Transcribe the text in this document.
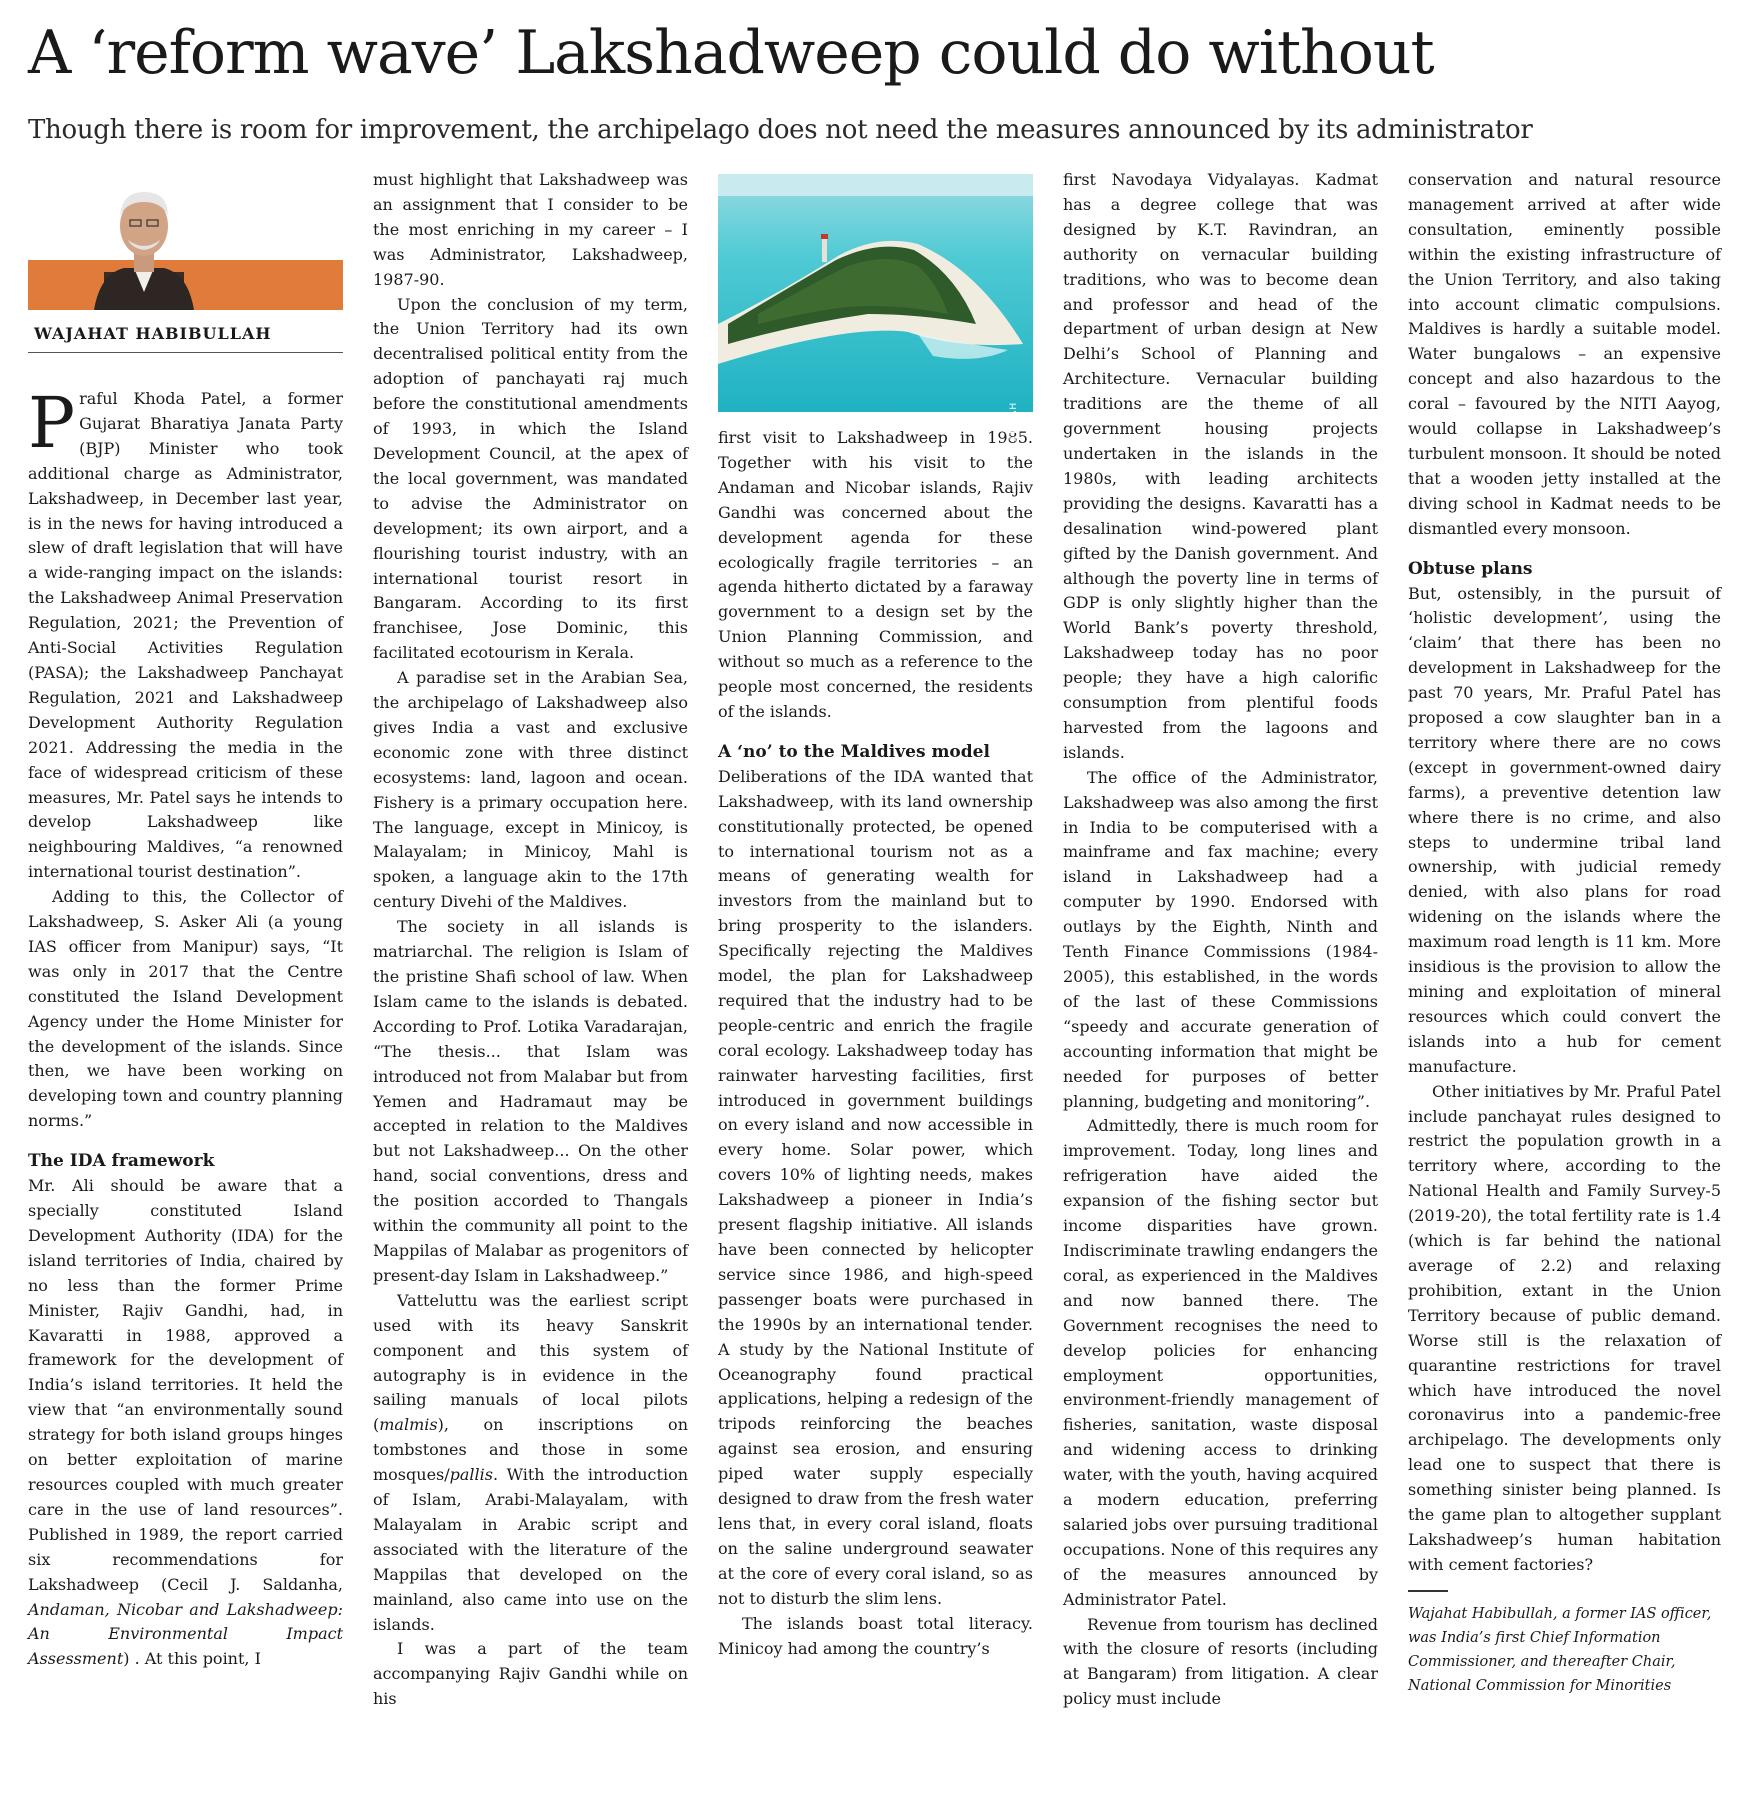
A ‘reform wave’ Lakshadweep could do without
Though there is room for improvement, the archipelago does not need the measures announced by its administrator
WAJAHAT HABIBULLAH

Praful Khoda Patel, a former Gujarat Bharatiya Janata Party (BJP) Minister who took additional charge as Administrator, Lakshadweep, in December last year, is in the news for having introduced a slew of draft legislation that will have a wide-ranging impact on the islands: the Lakshadweep Animal Preservation Regulation, 2021; the Prevention of Anti-Social Activities Regulation (PASA); the Lakshadweep Panchayat Regulation, 2021 and Lakshadweep Development Authority Regulation 2021. Addressing the media in the face of widespread criticism of these measures, Mr. Patel says he intends to develop Lakshadweep like neighbouring Maldives, “a renowned international tourist destination”.

Adding to this, the Collector of Lakshadweep, S. Asker Ali (a young IAS officer from Manipur) says, “It was only in 2017 that the Centre constituted the Island Development Agency under the Home Minister for the development of the islands. Since then, we have been working on developing town and country planning norms.”

The IDA framework

Mr. Ali should be aware that a specially constituted Island Development Authority (IDA) for the island territories of India, chaired by no less than the former Prime Minister, Rajiv Gandhi, had, in Kavaratti in 1988, approved a framework for the development of India’s island territories. It held the view that “an environmentally sound strategy for both island groups hinges on better exploitation of marine resources coupled with much greater care in the use of land resources”. Published in 1989, the report carried six recommendations for Lakshadweep (Cecil J. Saldanha, Andaman, Nicobar and Lakshadweep: An Environmental Impact Assessment) . At this point, I

must highlight that Lakshadweep was an assignment that I consider to be the most enriching in my career – I was Administrator, Lakshadweep, 1987-90.

Upon the conclusion of my term, the Union Territory had its own decentralised political entity from the adoption of panchayati raj much before the constitutional amendments of 1993, in which the Island Development Council, at the apex of the local government, was mandated to advise the Administrator on development; its own airport, and a flourishing tourist industry, with an international tourist resort in Bangaram. According to its first franchisee, Jose Dominic, this facilitated ecotourism in Kerala.

A paradise set in the Arabian Sea, the archipelago of Lakshadweep also gives India a vast and exclusive economic zone with three distinct ecosystems: land, lagoon and ocean. Fishery is a primary occupation here. The language, except in Minicoy, is Malayalam; in Minicoy, Mahl is spoken, a language akin to the 17th century Divehi of the Maldives.

The society in all islands is matriarchal. The religion is Islam of the pristine Shafi school of law. When Islam came to the islands is debated. According to Prof. Lotika Varadarajan, “The thesis... that Islam was introduced not from Malabar but from Yemen and Hadramaut may be accepted in relation to the Maldives but not Lakshadweep... On the other hand, social conventions, dress and the position accorded to Thangals within the community all point to the Mappilas of Malabar as progenitors of present-day Islam in Lakshadweep.”

Vatteluttu was the earliest script used with its heavy Sanskrit component and this system of autography is in evidence in the sailing manuals of local pilots (malmis), on inscriptions on tombstones and those in some mosques/pallis. With the introduction of Islam, Arabi-Malayalam, with Malayalam in Arabic script and associated with the literature of the Mappilas that developed on the mainland, also came into use on the islands.

I was a part of the team accompanying Rajiv Gandhi while on his

K.K. MUSTAFAH

first visit to Lakshadweep in 1985. Together with his visit to the Andaman and Nicobar islands, Rajiv Gandhi was concerned about the development agenda for these ecologically fragile territories – an agenda hitherto dictated by a faraway government to a design set by the Union Planning Commission, and without so much as a reference to the people most concerned, the residents of the islands.

A ‘no’ to the Maldives model

Deliberations of the IDA wanted that Lakshadweep, with its land ownership constitutionally protected, be opened to international tourism not as a means of generating wealth for investors from the mainland but to bring prosperity to the islanders. Specifically rejecting the Maldives model, the plan for Lakshadweep required that the industry had to be people-centric and enrich the fragile coral ecology. Lakshadweep today has rainwater harvesting facilities, first introduced in government buildings on every island and now accessible in every home. Solar power, which covers 10% of lighting needs, makes Lakshadweep a pioneer in India’s present flagship initiative. All islands have been connected by helicopter service since 1986, and high-speed passenger boats were purchased in the 1990s by an international tender. A study by the National Institute of Oceanography found practical applications, helping a redesign of the tripods reinforcing the beaches against sea erosion, and ensuring piped water supply especially designed to draw from the fresh water lens that, in every coral island, floats on the saline underground seawater at the core of every coral island, so as not to disturb the slim lens.

The islands boast total literacy. Minicoy had among the country’s

first Navodaya Vidyalayas. Kadmat has a degree college that was designed by K.T. Ravindran, an authority on vernacular building traditions, who was to become dean and professor and head of the department of urban design at New Delhi’s School of Planning and Architecture. Vernacular building traditions are the theme of all government housing projects undertaken in the islands in the 1980s, with leading architects providing the designs. Kavaratti has a desalination wind-powered plant gifted by the Danish government. And although the poverty line in terms of GDP is only slightly higher than the World Bank’s poverty threshold, Lakshadweep today has no poor people; they have a high calorific consumption from plentiful foods harvested from the lagoons and islands.

The office of the Administrator, Lakshadweep was also among the first in India to be computerised with a mainframe and fax machine; every island in Lakshadweep had a computer by 1990. Endorsed with outlays by the Eighth, Ninth and Tenth Finance Commissions (1984-2005), this established, in the words of the last of these Commissions “speedy and accurate generation of accounting information that might be needed for purposes of better planning, budgeting and monitoring”.

Admittedly, there is much room for improvement. Today, long lines and refrigeration have aided the expansion of the fishing sector but income disparities have grown. Indiscriminate trawling endangers the coral, as experienced in the Maldives and now banned there. The Government recognises the need to develop policies for enhancing employment opportunities, environment-friendly management of fisheries, sanitation, waste disposal and widening access to drinking water, with the youth, having acquired a modern education, preferring salaried jobs over pursuing traditional occupations. None of this requires any of the measures announced by Administrator Patel.

Revenue from tourism has declined with the closure of resorts (including at Bangaram) from litigation. A clear policy must include

conservation and natural resource management arrived at after wide consultation, eminently possible within the existing infrastructure of the Union Territory, and also taking into account climatic compulsions. Maldives is hardly a suitable model. Water bungalows – an expensive concept and also hazardous to the coral – favoured by the NITI Aayog, would collapse in Lakshadweep’s turbulent monsoon. It should be noted that a wooden jetty installed at the diving school in Kadmat needs to be dismantled every monsoon.

Obtuse plans

But, ostensibly, in the pursuit of ‘holistic development’, using the ‘claim’ that there has been no development in Lakshadweep for the past 70 years, Mr. Praful Patel has proposed a cow slaughter ban in a territory where there are no cows (except in government-owned dairy farms), a preventive detention law where there is no crime, and also steps to undermine tribal land ownership, with judicial remedy denied, with also plans for road widening on the islands where the maximum road length is 11 km. More insidious is the provision to allow the mining and exploitation of mineral resources which could convert the islands into a hub for cement manufacture.

Other initiatives by Mr. Praful Patel include panchayat rules designed to restrict the population growth in a territory where, according to the National Health and Family Survey-5 (2019-20), the total fertility rate is 1.4 (which is far behind the national average of 2.2) and relaxing prohibition, extant in the Union Territory because of public demand. Worse still is the relaxation of quarantine restrictions for travel which have introduced the novel coronavirus into a pandemic-free archipelago. The developments only lead one to suspect that there is something sinister being planned. Is the game plan to altogether supplant Lakshadweep’s human habitation with cement factories?

Wajahat Habibullah, a former IAS officer, was India’s first Chief Information Commissioner, and thereafter Chair, National Commission for Minorities
